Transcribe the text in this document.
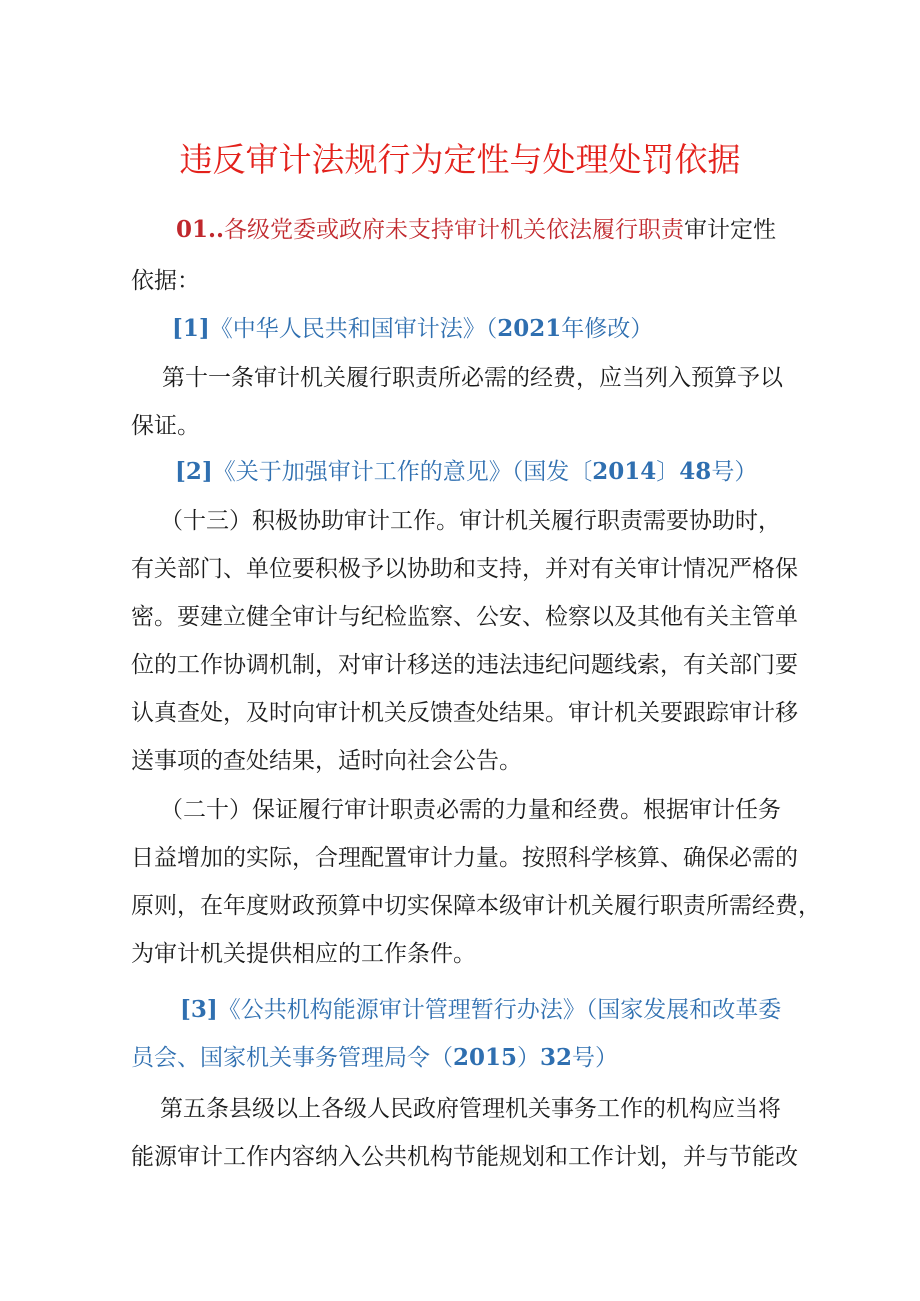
违反审计法规行为定性与处理处罚依据
01..各级党委或政府未支持审计机关依法履行职责审计定性
依据：
[1]《中华人民共和国审计法》（2021年修改）
第十一条审计机关履行职责所必需的经费，应当列入预算予以
保证。
[2]《关于加强审计工作的意见》（国发〔2014〕48号）
（十三）积极协助审计工作。审计机关履行职责需要协助时，
有关部门、单位要积极予以协助和支持，并对有关审计情况严格保
密。要建立健全审计与纪检监察、公安、检察以及其他有关主管单
位的工作协调机制，对审计移送的违法违纪问题线索，有关部门要
认真查处，及时向审计机关反馈查处结果。审计机关要跟踪审计移
送事项的查处结果，适时向社会公告。
（二十）保证履行审计职责必需的力量和经费。根据审计任务
日益增加的实际，合理配置审计力量。按照科学核算、确保必需的
原则，在年度财政预算中切实保障本级审计机关履行职责所需经费，
为审计机关提供相应的工作条件。
[3]《公共机构能源审计管理暂行办法》（国家发展和改革委
员会、国家机关事务管理局令（2015）32号）
第五条县级以上各级人民政府管理机关事务工作的机构应当将
能源审计工作内容纳入公共机构节能规划和工作计划，并与节能改
